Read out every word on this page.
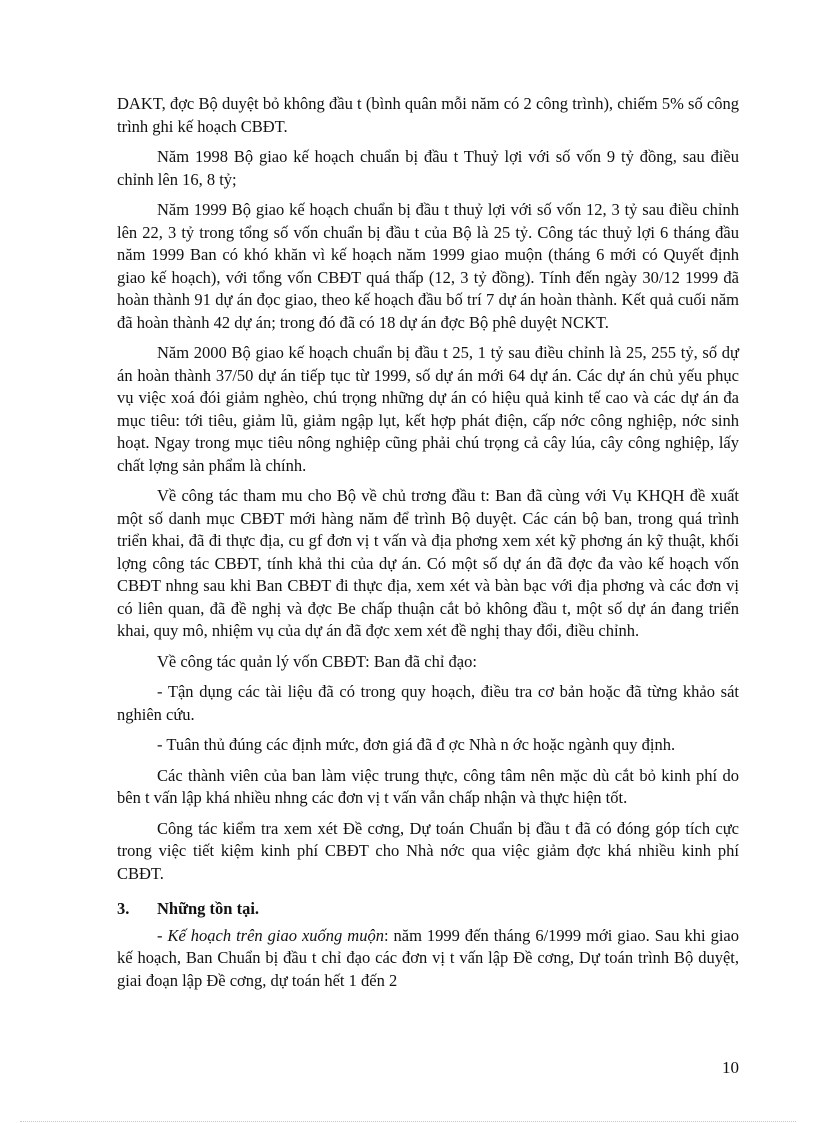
DAKT, đợc Bộ duyệt bỏ không đầu t (bình quân mỗi năm có 2 công trình), chiếm 5% số công trình ghi kế hoạch CBĐT.

Năm 1998 Bộ giao kế hoạch chuẩn bị đầu t Thuỷ lợi với số vốn 9 tỷ đồng, sau điều chỉnh lên 16, 8 tỷ;

Năm 1999 Bộ giao kế hoạch chuẩn bị đầu t thuỷ lợi với số vốn 12, 3 tỷ sau điều chỉnh lên 22, 3 tỷ trong tổng số vốn chuẩn bị đầu t của Bộ là 25 tỷ. Công tác thuỷ lợi 6 tháng đầu năm 1999 Ban có khó khăn vì kế hoạch năm 1999 giao muộn (tháng 6 mới có Quyết định giao kế hoạch), với tổng vốn CBĐT quá thấp (12, 3 tỷ đồng). Tính đến ngày 30/12 1999 đã hoàn thành 91 dự án đọc giao, theo kế hoạch đầu bố trí 7 dự án hoàn thành. Kết quả cuối năm đã hoàn thành 42 dự án; trong đó đã có 18 dự án đợc Bộ phê duyệt NCKT.

Năm 2000 Bộ giao kế hoạch chuẩn bị đầu t 25, 1 tỷ sau điều chỉnh là 25, 255 tỷ, số dự án hoàn thành 37/50 dự án tiếp tục từ 1999, số dự án mới 64 dự án. Các dự án chủ yếu phục vụ việc xoá đói giảm nghèo, chú trọng những dự án có hiệu quả kinh tế cao và các dự án đa mục tiêu: tới tiêu, giảm lũ, giảm ngập lụt, kết hợp phát điện, cấp nớc công nghiệp, nớc sinh hoạt. Ngay trong mục tiêu nông nghiệp cũng phải chú trọng cả cây lúa, cây công nghiệp, lấy chất lợng sản phẩm là chính.

Về công tác tham mu cho Bộ về chủ trơng đầu t: Ban đã cùng với Vụ KHQH đề xuất một số danh mục CBĐT mới hàng năm để trình Bộ duyệt. Các cán bộ ban, trong quá trình triển khai, đã đi thực địa, cu gf đơn vị t vấn và địa phơng xem xét kỹ phơng án kỹ thuật, khối lợng công tác CBĐT, tính khả thi của dự án. Có một số dự án đã đợc đa vào kế hoạch vốn CBĐT nhng sau khi Ban CBĐT đi thực địa, xem xét và bàn bạc với địa phơng và các đơn vị có liên quan, đã đề nghị và đợc Be chấp thuận cắt bỏ không đầu t, một số dự án đang triển khai, quy mô, nhiệm vụ của dự án đã đợc xem xét đề nghị thay đổi, điều chỉnh.

Về công tác quản lý vốn CBĐT: Ban đã chỉ đạo:

- Tận dụng các tài liệu đã có trong quy hoạch, điều tra cơ bản hoặc đã từng khảo sát nghiên cứu.

- Tuân thủ đúng các định mức, đơn giá đã đ ợc Nhà n ớc hoặc ngành quy định.

Các thành viên của ban làm việc trung thực, công tâm nên mặc dù cắt bỏ kinh phí do bên t vấn lập khá nhiều nhng các đơn vị t vấn vẫn chấp nhận và thực hiện tốt.

Công tác kiểm tra xem xét Đề cơng, Dự toán Chuẩn bị đầu t đã có đóng góp tích cực trong việc tiết kiệm kinh phí CBĐT cho Nhà nớc qua việc giảm đợc khá nhiều kinh phí CBĐT.

3. Những tồn tại.

- Kế hoạch trên giao xuống muộn: năm 1999 đến tháng 6/1999 mới giao. Sau khi giao kế hoạch, Ban Chuẩn bị đầu t chỉ đạo các đơn vị t vấn lập Đề cơng, Dự toán trình Bộ duyệt, giai đoạn lập Đề cơng, dự toán hết 1 đến 2

10
